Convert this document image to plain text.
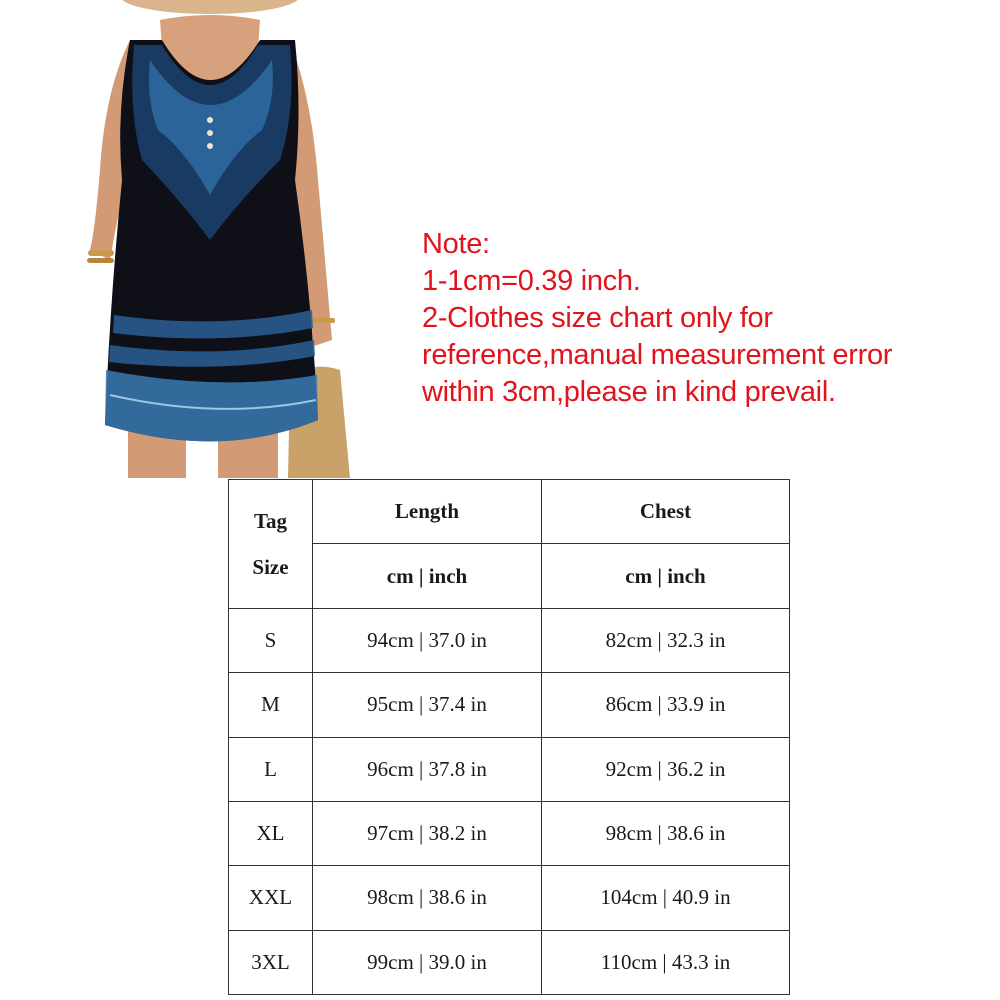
Note:
1-1cm=0.39 inch.
2-Clothes size chart only for
reference,manual measurement error
within 3cm,please in kind prevail.
Tag
Size	Length	Chest
	cm | inch	cm | inch
S	94cm | 37.0 in	82cm | 32.3 in
M	95cm | 37.4 in	86cm | 33.9 in
L	96cm | 37.8 in	92cm | 36.2 in
XL	97cm | 38.2 in	98cm | 38.6 in
XXL	98cm | 38.6 in	104cm | 40.9 in
3XL	99cm | 39.0 in	110cm | 43.3 in
